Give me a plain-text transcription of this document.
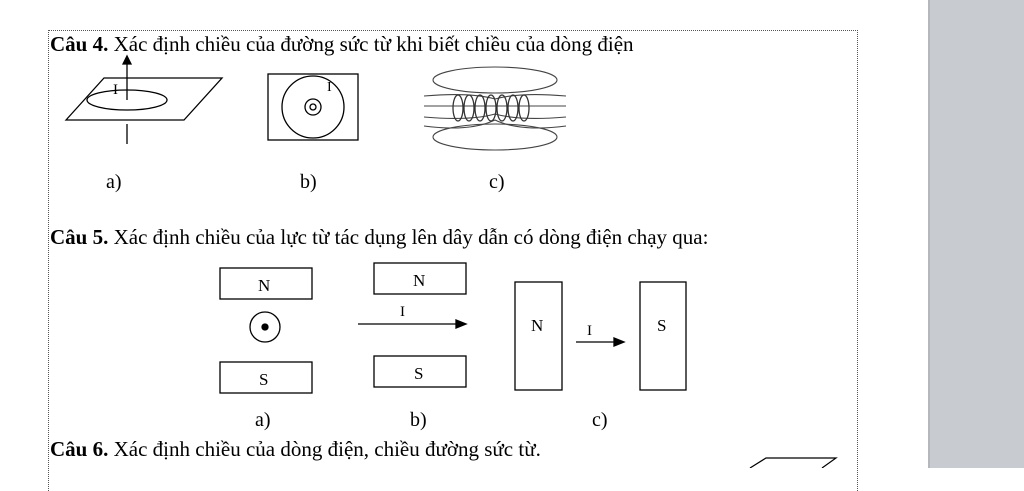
Câu 4. Xác định chiều của đường sức từ khi biết chiều của dòng điện
I	I
N
S
N
I
S
N	I	S
a)	b)	c)
Câu 5. Xác định chiều của lực từ tác dụng lên dây dẫn có dòng điện chạy qua:
a)	b)	c)
Câu 6. Xác định chiều của dòng điện, chiều đường sức từ.
